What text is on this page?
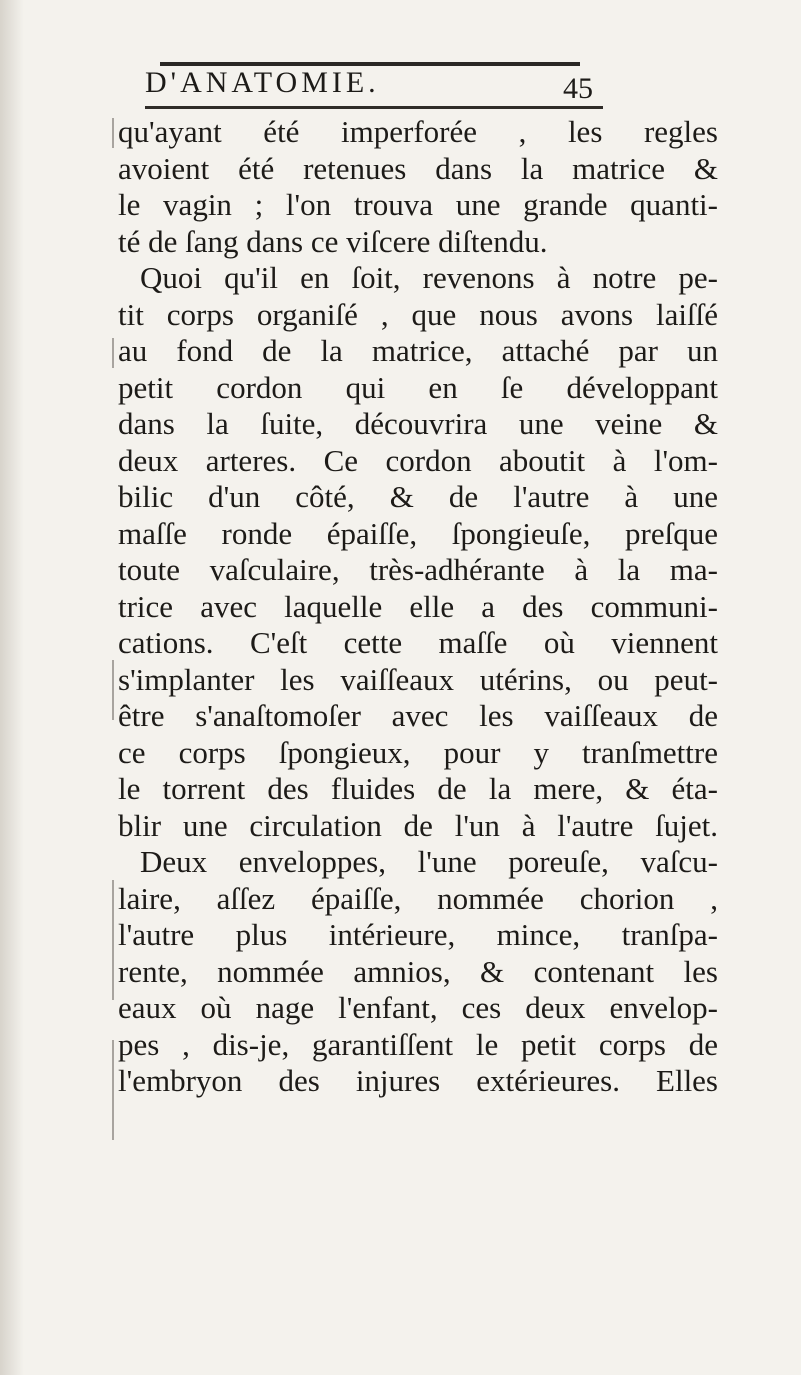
D'ANATOMIE.	45
qu'ayant été imperforée , les regles
avoient été retenues dans la matrice &
le vagin ; l'on trouva une grande quanti-
té de ſang dans ce viſcere diſtendu.
Quoi qu'il en ſoit, revenons à notre pe-
tit corps organiſé , que nous avons laiſſé
au fond de la matrice, attaché par un
petit cordon qui en ſe développant
dans la ſuite, découvrira une veine &
deux arteres. Ce cordon aboutit à l'om-
bilic d'un côté, & de l'autre à une
maſſe ronde épaiſſe, ſpongieuſe, preſque
toute vaſculaire, très-adhérante à la ma-
trice avec laquelle elle a des communi-
cations. C'eſt cette maſſe où viennent
s'implanter les vaiſſeaux utérins, ou peut-
être s'anaſtomoſer avec les vaiſſeaux de
ce corps ſpongieux, pour y tranſmettre
le torrent des fluides de la mere, & éta-
blir une circulation de l'un à l'autre ſujet.
Deux enveloppes, l'une poreuſe, vaſcu-
laire, aſſez épaiſſe, nommée chorion ,
l'autre plus intérieure, mince, tranſpa-
rente, nommée amnios, & contenant les
eaux où nage l'enfant, ces deux envelop-
pes , dis-je, garantiſſent le petit corps de
l'embryon des injures extérieures. Elles
